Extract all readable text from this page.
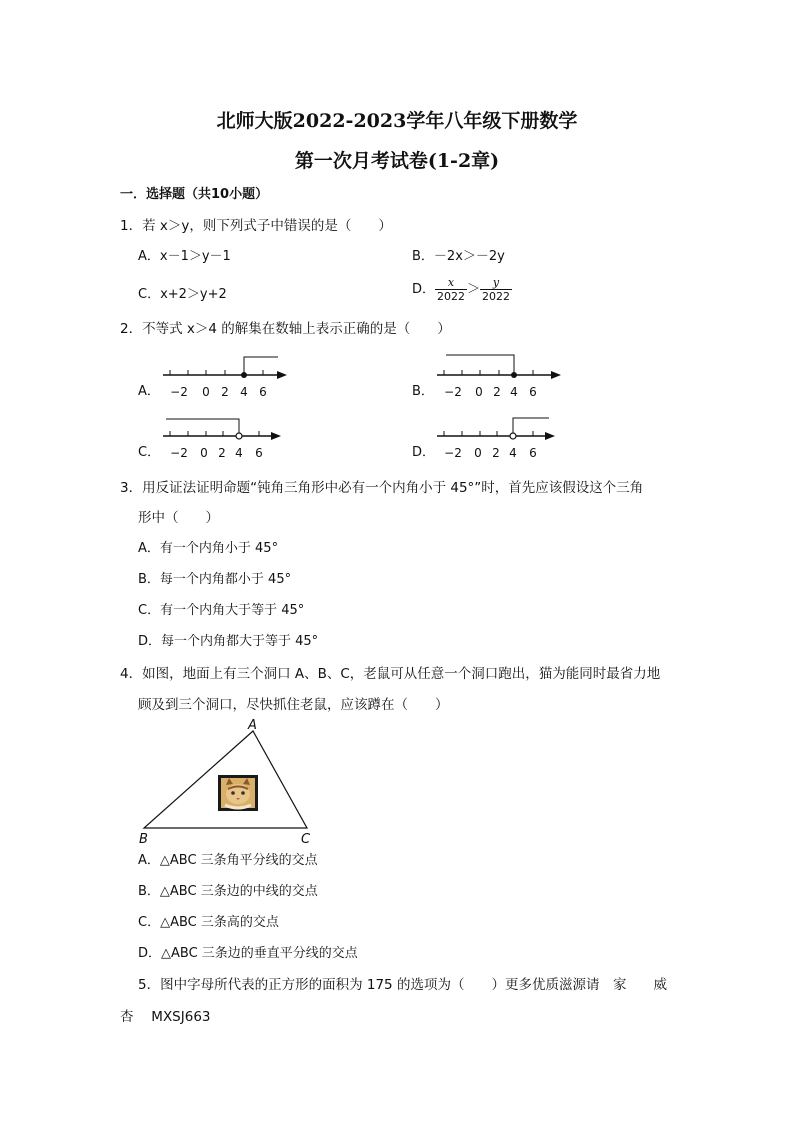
北师大版2022-2023学年八年级下册数学
第一次月考试卷(1-2章)
一．选择题（共10小题）
1．若 x＞y，则下列式子中错误的是（　　）
A．x－1＞y－1	B．－2x＞－2y
C．x+2＞y+2	D． $\frac{x}{2022} > \frac{y}{2022}$
2．不等式 x＞4 的解集在数轴上表示正确的是（　　）
A． −2 0 2 4 6	B． −2 0 2 4 6
C． −2 0 2 4 6	D． −2 0 2 4 6
3．用反证法证明命题“钝角三角形中必有一个内角小于 45°”时，首先应该假设这个三角
形中（　　）
A．有一个内角小于 45°
B．每一个内角都小于 45°
C．有一个内角大于等于 45°
D．每一个内角都大于等于 45°
4．如图，地面上有三个洞口 A、B、C，老鼠可从任意一个洞口跑出，猫为能同时最省力地
顾及到三个洞口，尽快抓住老鼠，应该蹲在（　　）
A
B	C
A．△ABC 三条角平分线的交点
B．△ABC 三条边的中线的交点
C．△ABC 三条高的交点
D．△ABC 三条边的垂直平分线的交点
5．图中字母所代表的正方形的面积为 175 的选项为（　　）更多优质滋源请　家　　威
杏　 MXSJ663
